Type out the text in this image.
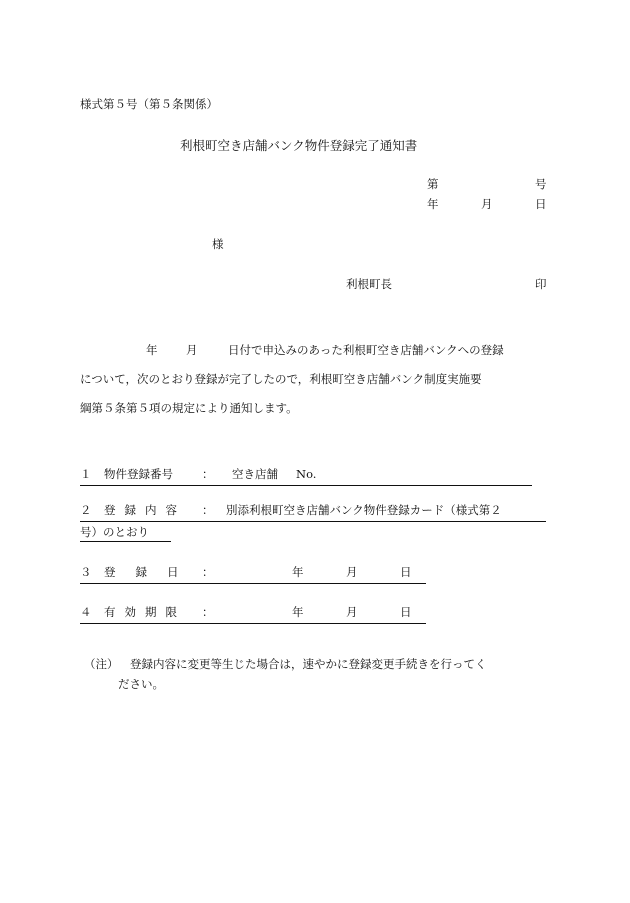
様式第５号（第５条関係）
利根町空き店舗バンク物件登録完了通知書
第	号
年	月	日
様
利根町長	印
年 月	日付で申込みのあった利根町空き店舗バンクへの登録
について，次のとおり登録が完了したので，利根町空き店舗バンク制度実施要
綱第５条第５項の規定により通知します。
１ 物件登録番号	： 空き店舗 No.
２ 登録内容 ： 別添利根町空き店舗バンク物件登録カード（様式第２
号）のとおり
３ 登録日 ：	年	月	日
４ 有効期限 ：	年	月	日
（注） 登録内容に変更等生じた場合は，速やかに登録変更手続きを行ってく
ださい。
